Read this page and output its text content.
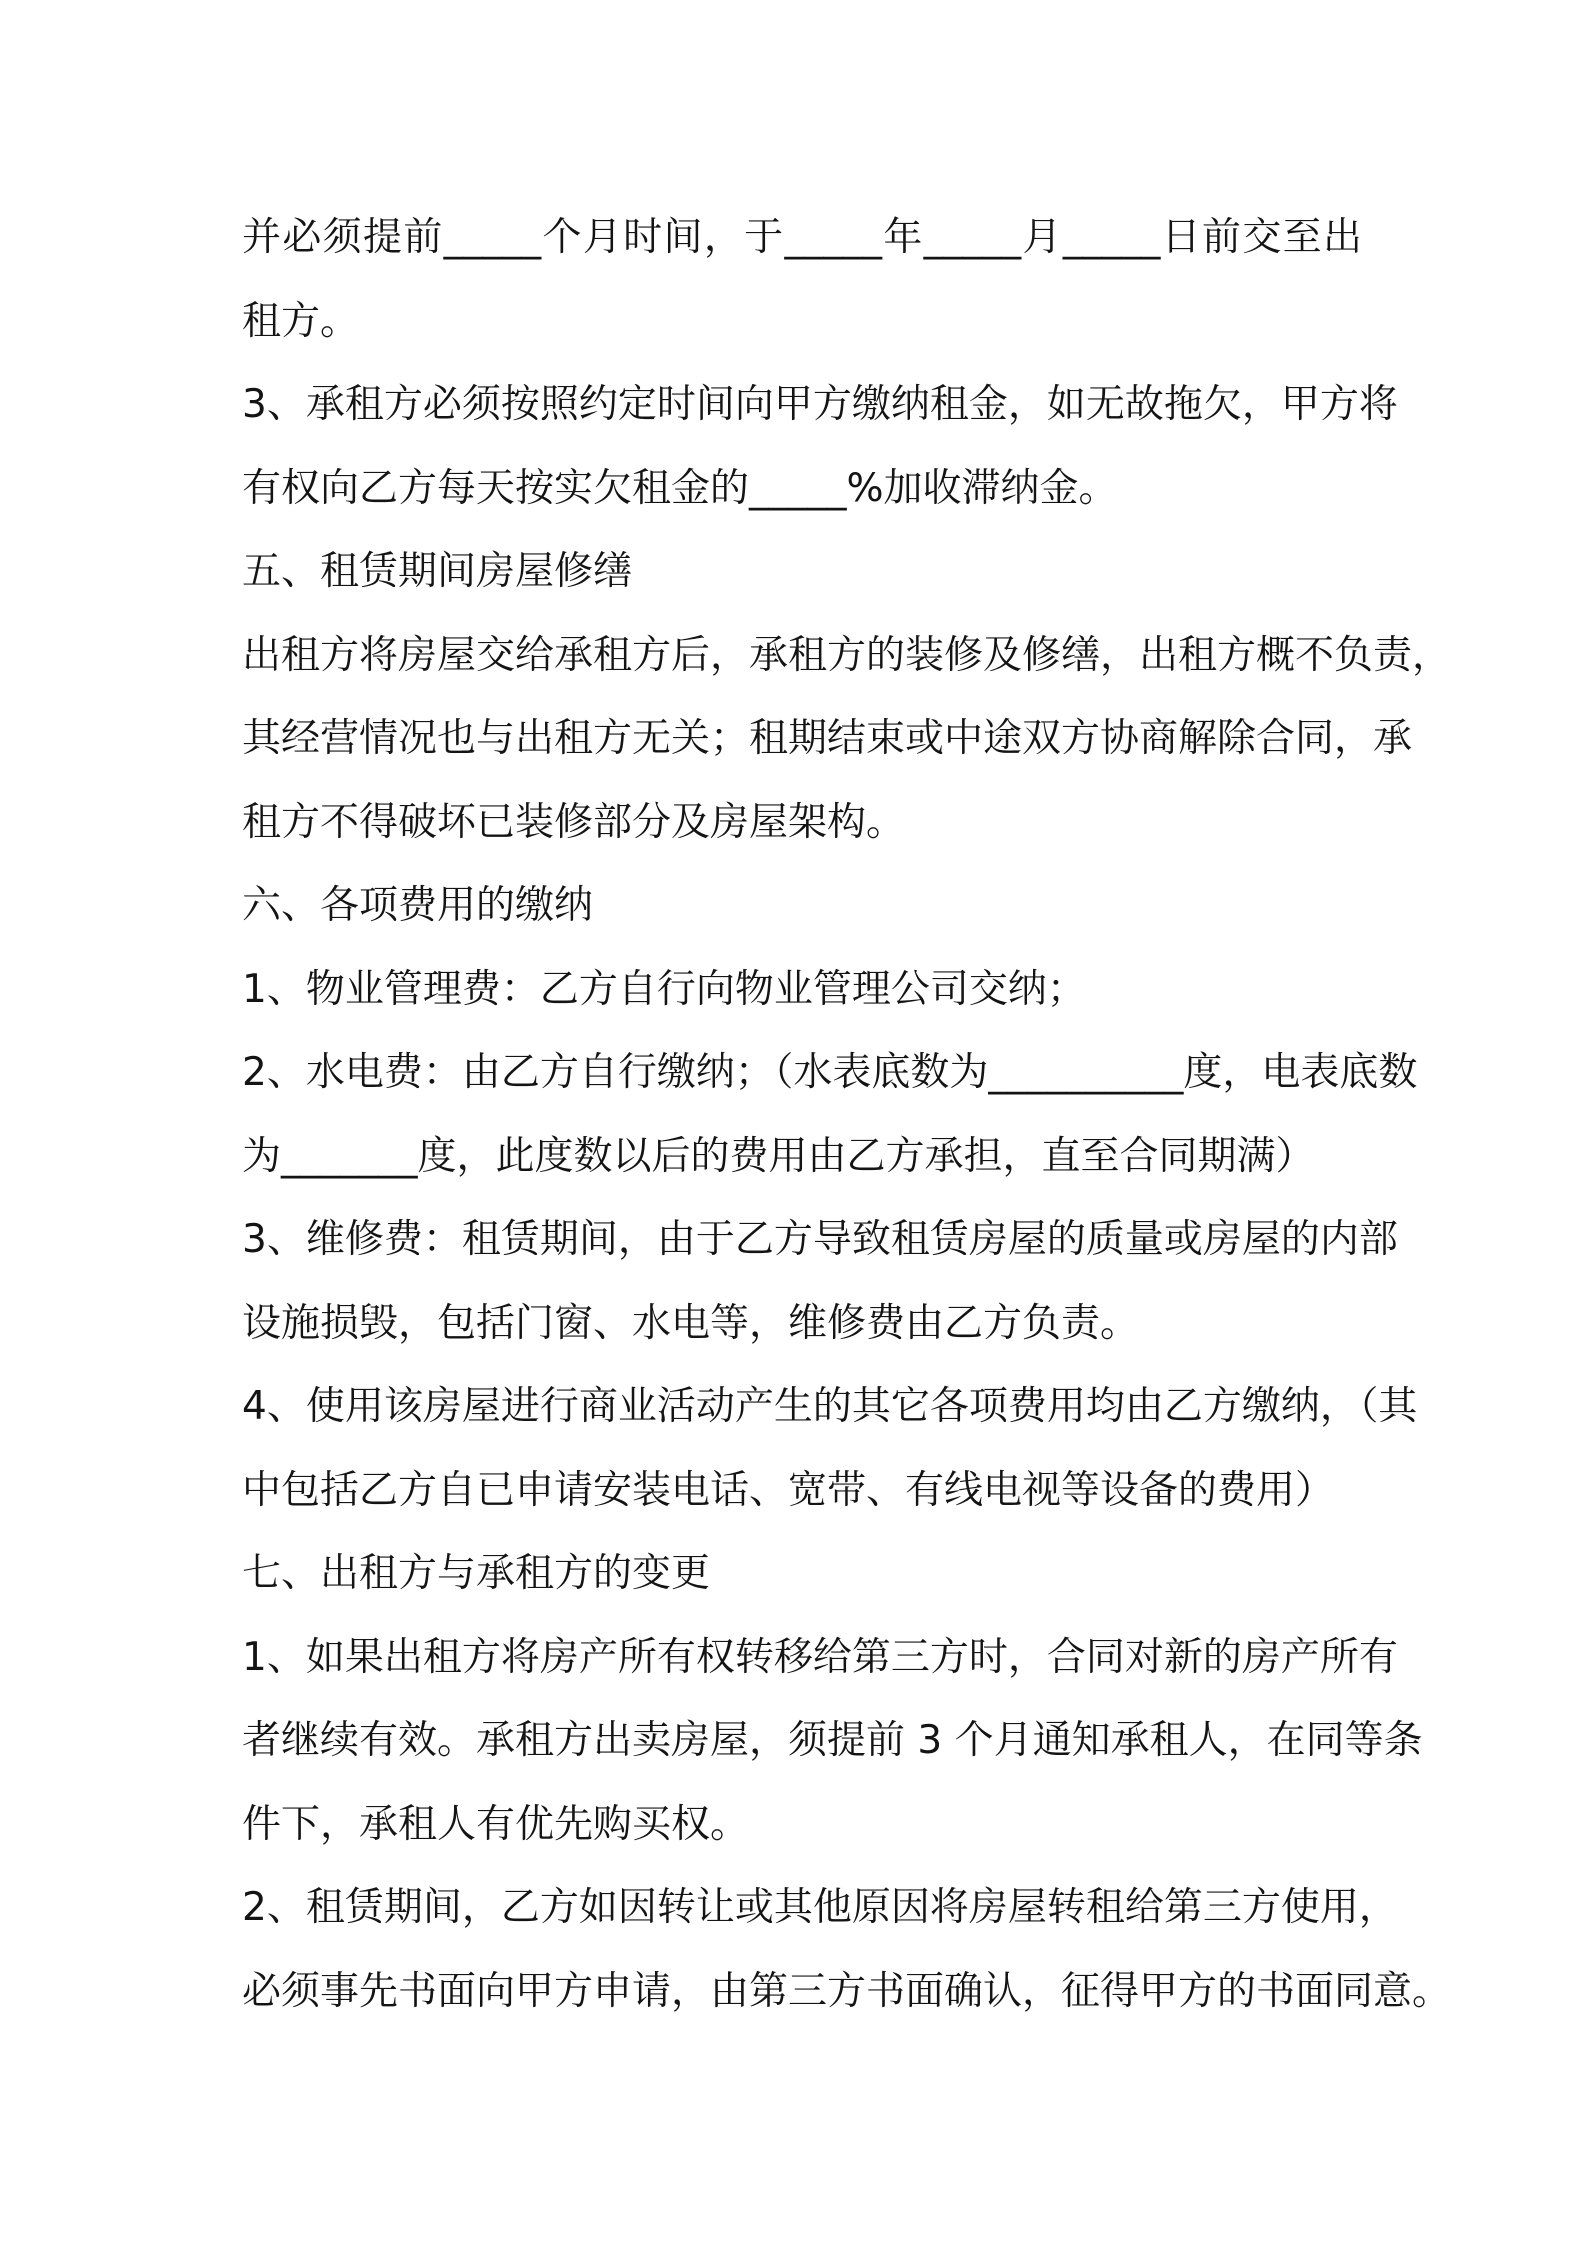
并必须提前_____个月时间，于_____年_____月_____日前交至出
租方。
3、承租方必须按照约定时间向甲方缴纳租金，如无故拖欠，甲方将
有权向乙方每天按实欠租金的_____%加收滞纳金。
五、租赁期间房屋修缮
出租方将房屋交给承租方后，承租方的装修及修缮，出租方概不负责，
其经营情况也与出租方无关；租期结束或中途双方协商解除合同，承
租方不得破坏已装修部分及房屋架构。
六、各项费用的缴纳
1、物业管理费：乙方自行向物业管理公司交纳；
2、水电费：由乙方自行缴纳；（水表底数为__________度，电表底数
为_______度，此度数以后的费用由乙方承担，直至合同期满）
3、维修费：租赁期间，由于乙方导致租赁房屋的质量或房屋的内部
设施损毁，包括门窗、水电等，维修费由乙方负责。
4、使用该房屋进行商业活动产生的其它各项费用均由乙方缴纳，（其
中包括乙方自已申请安装电话、宽带、有线电视等设备的费用）
七、出租方与承租方的变更
1、如果出租方将房产所有权转移给第三方时，合同对新的房产所有
者继续有效。承租方出卖房屋，须提前 3 个月通知承租人，在同等条
件下，承租人有优先购买权。
2、租赁期间，乙方如因转让或其他原因将房屋转租给第三方使用，
必须事先书面向甲方申请，由第三方书面确认，征得甲方的书面同意。
